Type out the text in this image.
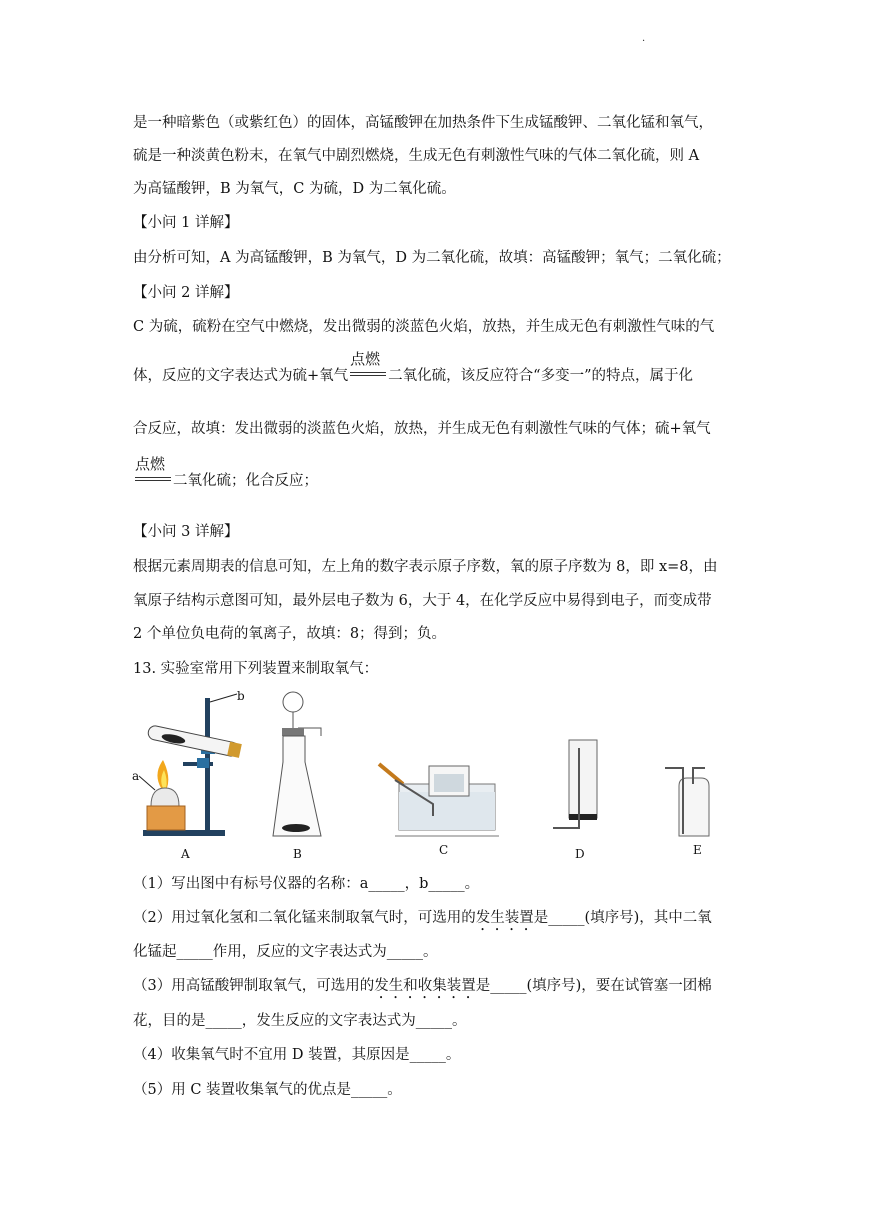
·
是一种暗紫色（或紫红色）的固体，高锰酸钾在加热条件下生成锰酸钾、二氧化锰和氧气，
硫是一种淡黄色粉末，在氧气中剧烈燃烧，生成无色有刺激性气味的气体二氧化硫，则 A
为高锰酸钾，B 为氧气，C 为硫，D 为二氧化硫。
【小问 1 详解】
由分析可知，A 为高锰酸钾，B 为氧气，D 为二氧化硫，故填：高锰酸钾；氧气；二氧化硫；
【小问 2 详解】
C 为硫，硫粉在空气中燃烧，发出微弱的淡蓝色火焰，放热，并生成无色有刺激性气味的气
体，反应的文字表达式为硫+氧气
点燃
二氧化硫，该反应符合“多变一”的特点，属于化
合反应，故填：发出微弱的淡蓝色火焰，放热，并生成无色有刺激性气味的气体；硫+氧气
点燃
二氧化硫；化合反应；
【小问 3 详解】
根据元素周期表的信息可知，左上角的数字表示原子序数，氧的原子序数为 8，即 x=8，由
氧原子结构示意图可知，最外层电子数为 6，大于 4，在化学反应中易得到电子，而变成带
2 个单位负电荷的氧离子，故填：8；得到；负。
13. 实验室常用下列装置来制取氧气：
（1）写出图中有标号仪器的名称：a_____，b_____。
（2）用过氧化氢和二氧化锰来制取氧气时，可选用的发生装置是_____(填序号)，其中二氧
化锰起_____作用，反应的文字表达式为_____。
（3）用高锰酸钾制取氧气，可选用的发生和收集装置是_____(填序号)，要在试管塞一团棉
花，目的是_____，发生反应的文字表达式为_____。
（4）收集氧气时不宜用 D 装置，其原因是_____。
（5）用 C 装置收集氧气的优点是_____。
a
b
A	B	C	D	E
